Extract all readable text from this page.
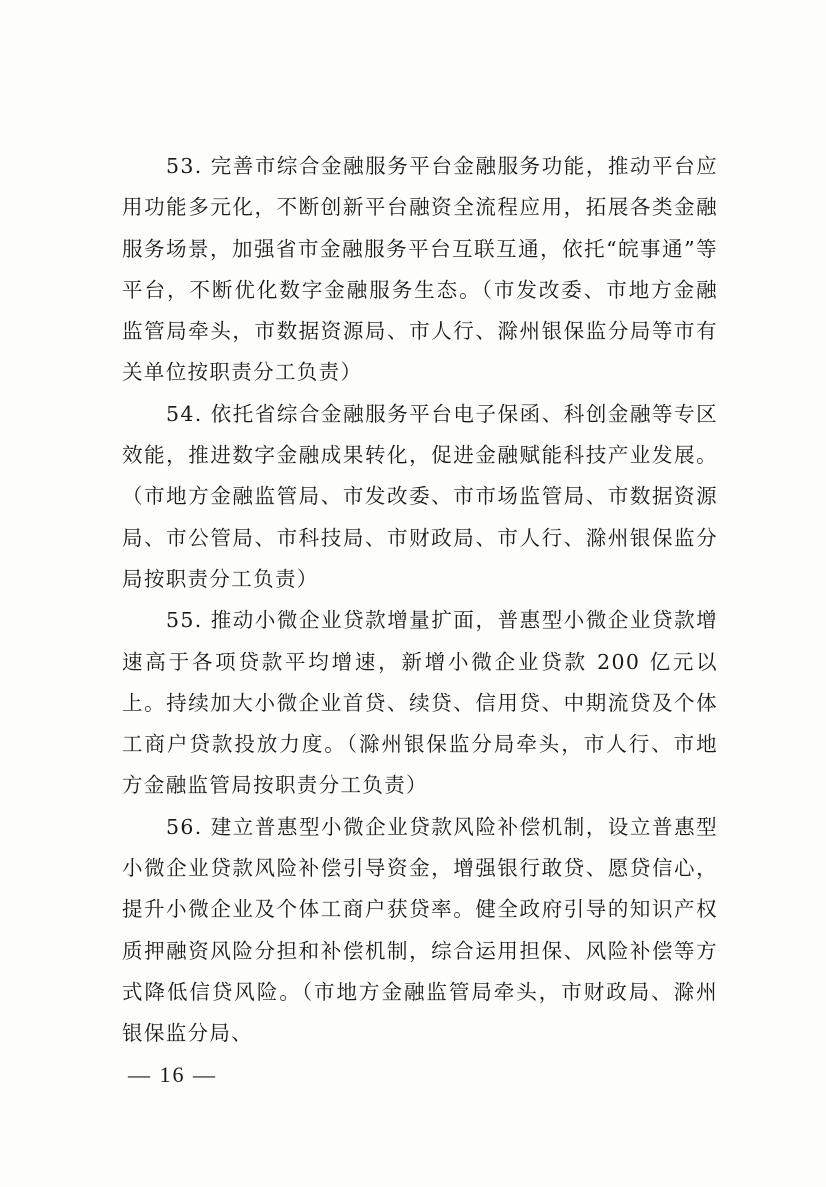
53. 完善市综合金融服务平台金融服务功能，推动平台应用功能多元化，不断创新平台融资全流程应用，拓展各类金融服务场景，加强省市金融服务平台互联互通，依托“皖事通”等平台，不断优化数字金融服务生态。（市发改委、市地方金融监管局牵头，市数据资源局、市人行、滁州银保监分局等市有关单位按职责分工负责）

54. 依托省综合金融服务平台电子保函、科创金融等专区效能，推进数字金融成果转化，促进金融赋能科技产业发展。（市地方金融监管局、市发改委、市市场监管局、市数据资源局、市公管局、市科技局、市财政局、市人行、滁州银保监分局按职责分工负责）

55. 推动小微企业贷款增量扩面，普惠型小微企业贷款增速高于各项贷款平均增速，新增小微企业贷款 200 亿元以上。持续加大小微企业首贷、续贷、信用贷、中期流贷及个体工商户贷款投放力度。（滁州银保监分局牵头，市人行、市地方金融监管局按职责分工负责）

56. 建立普惠型小微企业贷款风险补偿机制，设立普惠型小微企业贷款风险补偿引导资金，增强银行敢贷、愿贷信心，提升小微企业及个体工商户获贷率。健全政府引导的知识产权质押融资风险分担和补偿机制，综合运用担保、风险补偿等方式降低信贷风险。（市地方金融监管局牵头，市财政局、滁州银保监分局、

— 16 —
